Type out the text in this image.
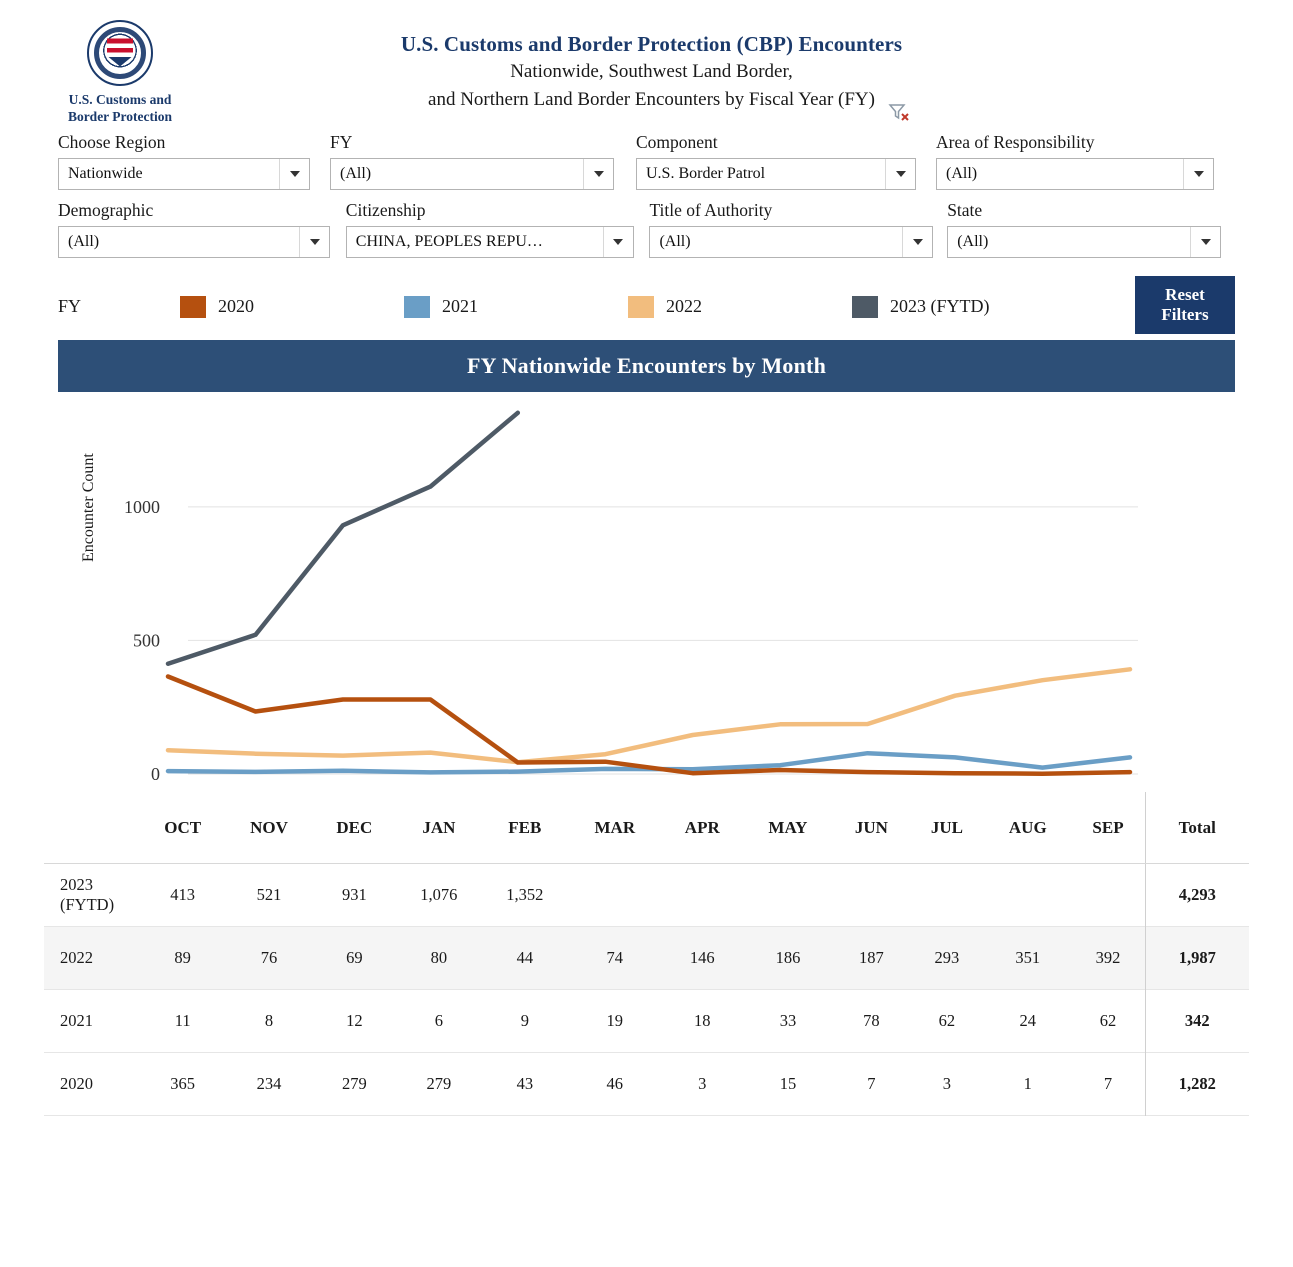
U.S. Customs and
Border Protection
U.S. Customs and Border Protection (CBP) Encounters
Nationwide, Southwest Land Border,
and Northern Land Border Encounters by Fiscal Year (FY)
Choose Region
Nationwide
FY
(All)
Component
U.S. Border Patrol
Area of Responsibility
(All)
Demographic
(All)
Citizenship
CHINA, PEOPLES REPU…
Title of Authority
(All)
State
(All)
FY	2020	2021	2022	2023 (FYTD)
Reset
Filters
FY Nationwide Encounters by Month
Encounter Count
0
500
1000
	OCT	NOV	DEC	JAN	FEB	MAR	APR	MAY	JUN	JUL	AUG	SEP	Total
2023 (FYTD)	413	521	931	1,076	1,352								4,293
2022	89	76	69	80	44	74	146	186	187	293	351	392	1,987
2021	11	8	12	6	9	19	18	33	78	62	24	62	342
2020	365	234	279	279	43	46	3	15	7	3	1	7	1,282
